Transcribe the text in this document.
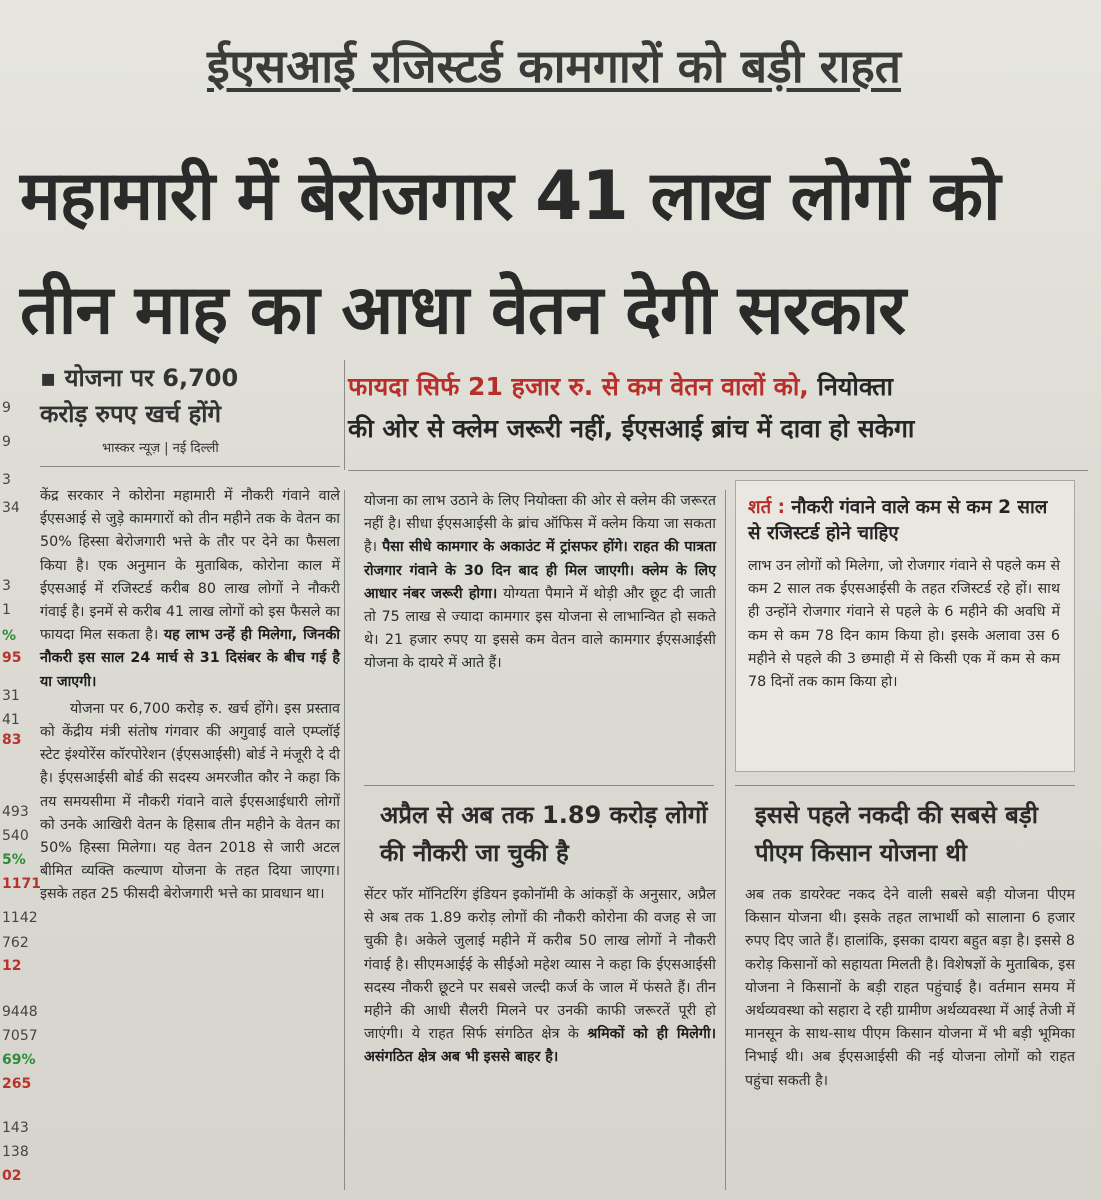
ईएसआई रजिस्टर्ड कामगारों को बड़ी राहत
महामारी में बेरोजगार 41 लाख लोगों को
तीन माह का आधा वेतन देगी सरकार
9
9
3
34
3
1
%
95
31
41
83
493
540
5%
1171
1142
762
12
9448
7057
69%
265
143
138
02
▪ योजना पर 6,700
करोड़ रुपए खर्च होंगे
भास्कर न्यूज़ | नई दिल्ली
केंद्र सरकार ने कोरोना महामारी में नौकरी गंवाने वाले ईएसआई से जुड़े कामगारों को तीन महीने तक के वेतन का 50% हिस्सा बेरोजगारी भत्ते के तौर पर देने का फैसला किया है। एक अनुमान के मुताबिक, कोरोना काल में ईएसआई में रजिस्टर्ड करीब 80 लाख लोगों ने नौकरी गंवाई है। इनमें से करीब 41 लाख लोगों को इस फैसले का फायदा मिल सकता है। यह लाभ उन्हें ही मिलेगा, जिनकी नौकरी इस साल 24 मार्च से 31 दिसंबर के बीच गई है या जाएगी।
योजना पर 6,700 करोड़ रु. खर्च होंगे। इस प्रस्ताव को केंद्रीय मंत्री संतोष गंगवार की अगुवाई वाले एम्प्लॉई स्टेट इंश्योरेंस कॉरपोरेशन (ईएसआईसी) बोर्ड ने मंजूरी दे दी है। ईएसआईसी बोर्ड की सदस्य अमरजीत कौर ने कहा कि तय समयसीमा में नौकरी गंवाने वाले ईएसआईधारी लोगों को उनके आखिरी वेतन के हिसाब तीन महीने के वेतन का 50% हिस्सा मिलेगा। यह वेतन 2018 से जारी अटल बीमित व्यक्ति कल्याण योजना के तहत दिया जाएगा। इसके तहत 25 फीसदी बेरोजगारी भत्ते का प्रावधान था।
फायदा सिर्फ 21 हजार रु. से कम वेतन वालों को, नियोक्ता
की ओर से क्लेम जरूरी नहीं, ईएसआई ब्रांच में दावा हो सकेगा
योजना का लाभ उठाने के लिए नियोक्ता की ओर से क्लेम की जरूरत नहीं है। सीधा ईएसआईसी के ब्रांच ऑफिस में क्लेम किया जा सकता है। पैसा सीधे कामगार के अकाउंट में ट्रांसफर होंगे। राहत की पात्रता रोजगार गंवाने के 30 दिन बाद ही मिल जाएगी। क्लेम के लिए आधार नंबर जरूरी होगा। योग्यता पैमाने में थोड़ी और छूट दी जाती तो 75 लाख से ज्यादा कामगार इस योजना से लाभान्वित हो सकते थे। 21 हजार रुपए या इससे कम वेतन वाले कामगार ईएसआईसी योजना के दायरे में आते हैं।
शर्त : नौकरी गंवाने वाले कम से कम 2 साल से रजिस्टर्ड होने चाहिए
लाभ उन लोगों को मिलेगा, जो रोजगार गंवाने से पहले कम से कम 2 साल तक ईएसआईसी के तहत रजिस्टर्ड रहे हों। साथ ही उन्होंने रोजगार गंवाने से पहले के 6 महीने की अवधि में कम से कम 78 दिन काम किया हो। इसके अलावा उस 6 महीने से पहले की 3 छमाही में से किसी एक में कम से कम 78 दिनों तक काम किया हो।
अप्रैल से अब तक 1.89 करोड़ लोगों की नौकरी जा चुकी है
सेंटर फॉर मॉनिटरिंग इंडियन इकोनॉमी के आंकड़ों के अनुसार, अप्रैल से अब तक 1.89 करोड़ लोगों की नौकरी कोरोना की वजह से जा चुकी है। अकेले जुलाई महीने में करीब 50 लाख लोगों ने नौकरी गंवाई है। सीएमआईई के सीईओ महेश व्यास ने कहा कि ईएसआईसी सदस्य नौकरी छूटने पर सबसे जल्दी कर्ज के जाल में फंसते हैं। तीन महीने की आधी सैलरी मिलने पर उनकी काफी जरूरतें पूरी हो जाएंगी। ये राहत सिर्फ संगठित क्षेत्र के श्रमिकों को ही मिलेगी। असंगठित क्षेत्र अब भी इससे बाहर है।
इससे पहले नकदी की सबसे बड़ी पीएम किसान योजना थी
अब तक डायरेक्ट नकद देने वाली सबसे बड़ी योजना पीएम किसान योजना थी। इसके तहत लाभार्थी को सालाना 6 हजार रुपए दिए जाते हैं। हालांकि, इसका दायरा बहुत बड़ा है। इससे 8 करोड़ किसानों को सहायता मिलती है। विशेषज्ञों के मुताबिक, इस योजना ने किसानों के बड़ी राहत पहुंचाई है। वर्तमान समय में अर्थव्यवस्था को सहारा दे रही ग्रामीण अर्थव्यवस्था में आई तेजी में मानसून के साथ-साथ पीएम किसान योजना में भी बड़ी भूमिका निभाई थी। अब ईएसआईसी की नई योजना लोगों को राहत पहुंचा सकती है।
